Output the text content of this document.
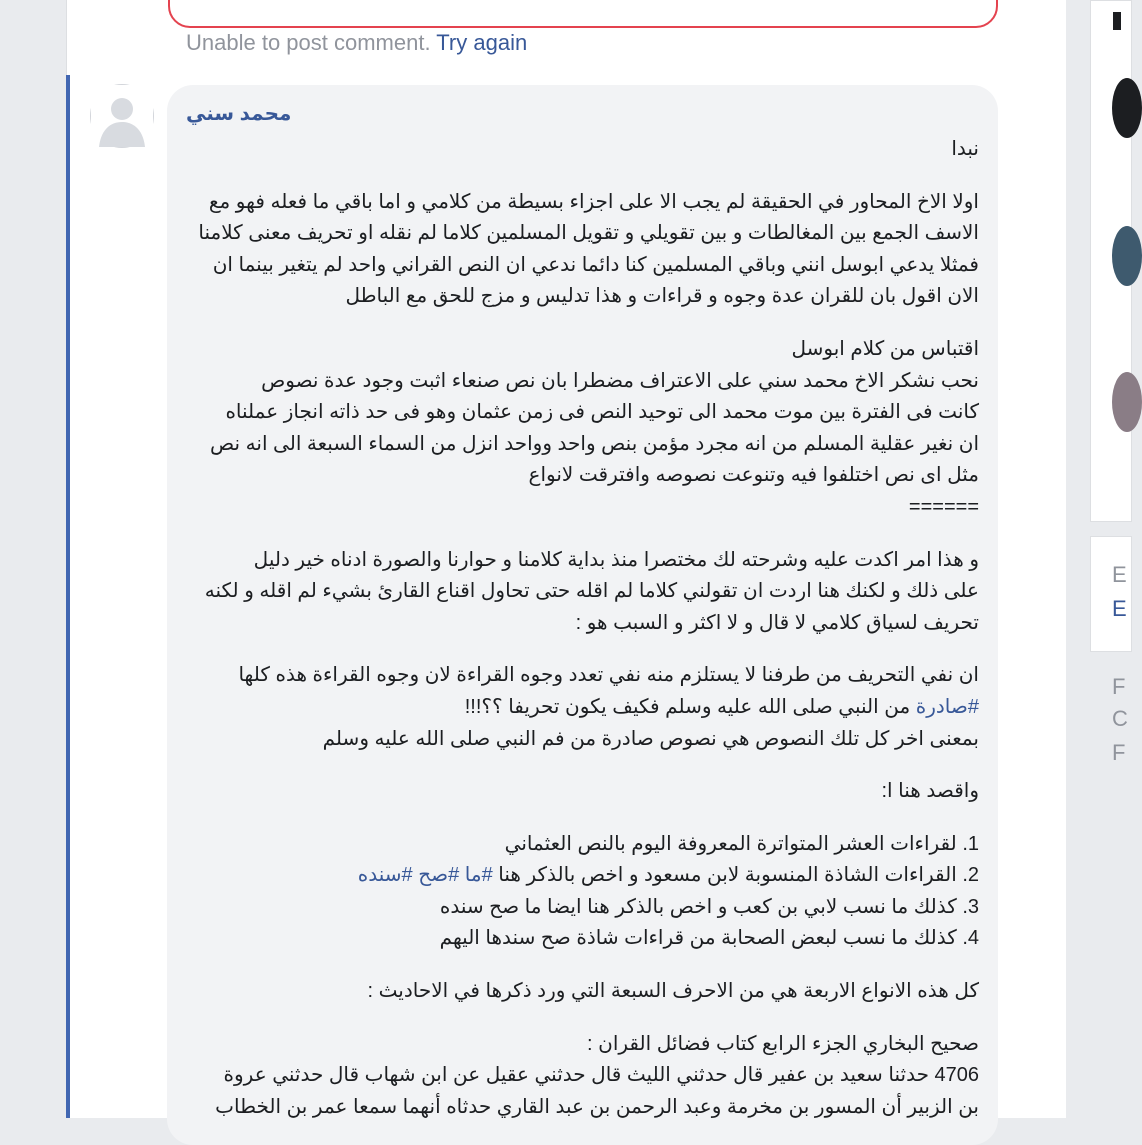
Unable to post comment. Try again
محمد سني

نبدا

اولا الاخ المحاور في الحقيقة لم يجب الا على اجزاء بسيطة من كلامي و اما باقي ما فعله فهو مع

الاسف الجمع بين المغالطات و بين تقويلي و تقويل المسلمين كلاما لم نقله او تحريف معنى كلامنا

فمثلا يدعي ابوسل انني وباقي المسلمين كنا دائما ندعي ان النص القراني واحد لم يتغير بينما ان

الان اقول بان للقران عدة وجوه و قراءات و هذا تدليس و مزج للحق مع الباطل

اقتباس من كلام ابوسل

نحب نشكر الاخ محمد سني على الاعتراف مضطرا بان نص صنعاء اثبت وجود عدة نصوص

كانت فى الفترة بين موت محمد الى توحيد النص فى زمن عثمان وهو فى حد ذاته انجاز عملناه

ان نغير عقلية المسلم من انه مجرد مؤمن بنص واحد وواحد انزل من السماء السبعة الى انه نص

مثل اى نص اختلفوا فيه وتنوعت نصوصه وافترقت لانواع

======

و هذا امر اكدت عليه وشرحته لك مختصرا منذ بداية كلامنا و حوارنا والصورة ادناه خير دليل

على ذلك و لكنك هنا اردت ان تقولني كلاما لم اقله حتى تحاول اقناع القارئ بشيء لم اقله و لكنه

تحريف لسياق كلامي لا قال و لا اكثر و السبب هو :

ان نفي التحريف من طرفنا لا يستلزم منه نفي تعدد وجوه القراءة لان وجوه القراءة هذه كلها

#صادرة من النبي صلى الله عليه وسلم فكيف يكون تحريفا ؟؟!!!

بمعنى اخر كل تلك النصوص هي نصوص صادرة من فم النبي صلى الله عليه وسلم

واقصد هنا ا:

1. لقراءات العشر المتواترة المعروفة اليوم بالنص العثماني

2. القراءات الشاذة المنسوبة لابن مسعود و اخص بالذكر هنا #ما #صح #سنده

3. كذلك ما نسب لابي بن كعب و اخص بالذكر هنا ايضا ما صح سنده

4. كذلك ما نسب لبعض الصحابة من قراءات شاذة صح سندها اليهم

كل هذه الانواع الاربعة هي من الاحرف السبعة التي ورد ذكرها في الاحاديث :

صحيح البخاري الجزء الرابع كتاب فضائل القران :

4706 حدثنا سعيد بن عفير قال حدثني الليث قال حدثني عقيل عن ابن شهاب قال حدثني عروة

بن الزبير أن المسور بن مخرمة وعبد الرحمن بن عبد القاري حدثاه أنهما سمعا عمر بن الخطاب

E
E
F
C
F
